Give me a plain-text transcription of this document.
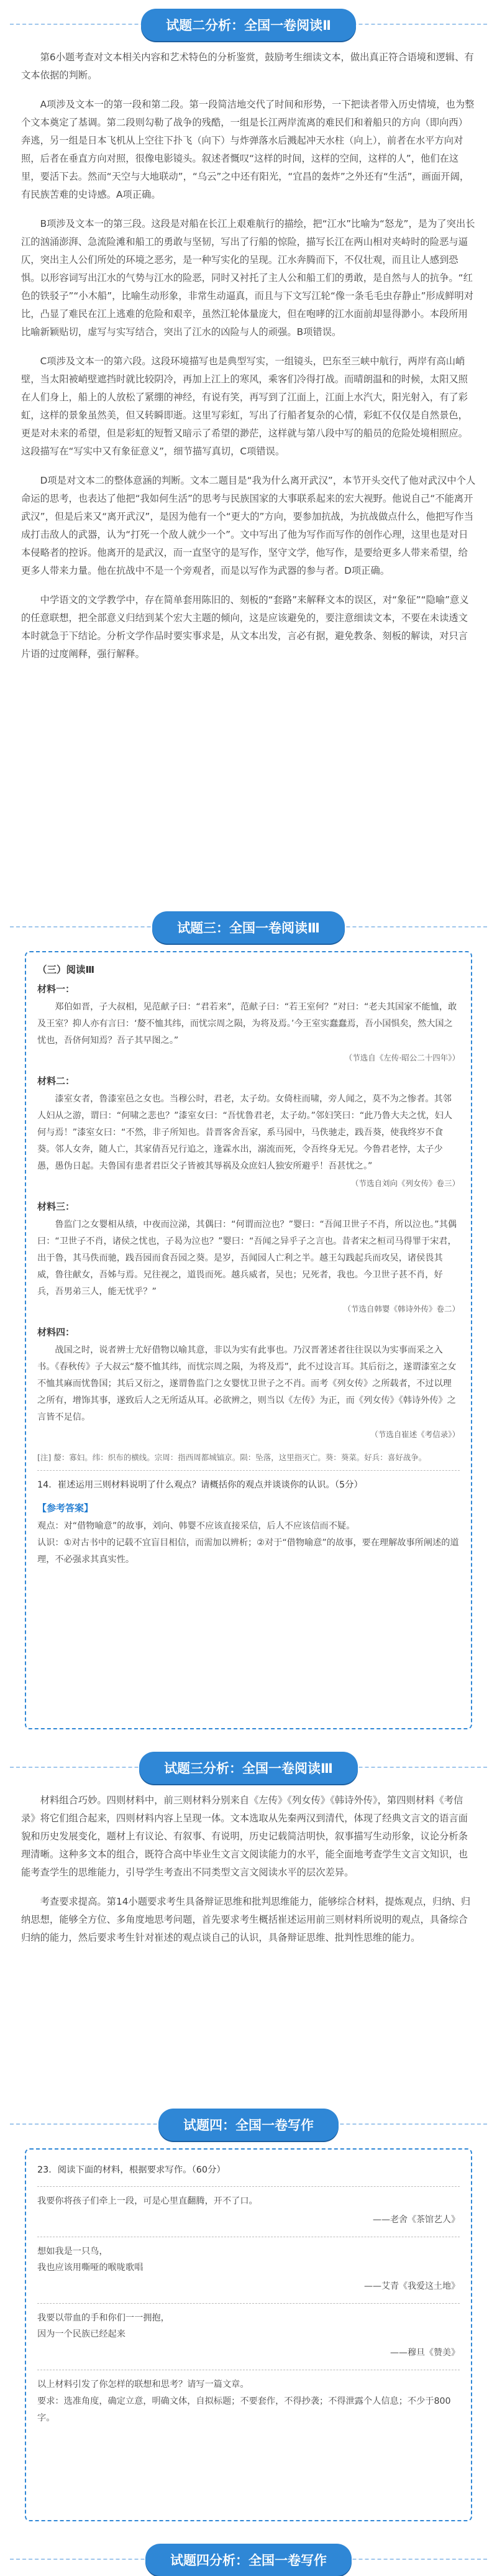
试题二分析：全国一卷阅读Ⅱ

第6小题考查对文本相关内容和艺术特色的分析鉴赏，鼓励考生细读文本，做出真正符合语境和逻辑、有文本依据的判断。

A项涉及文本一的第一段和第二段。第一段简洁地交代了时间和形势，一下把读者带入历史情境，也为整个文本奠定了基调。第二段则勾勒了战争的残酷，一组是长江两岸流离的难民们和着船只的方向（即向西）奔逃，另一组是日本飞机从上空往下扑飞（向下）与炸弹落水后溅起冲天水柱（向上），前者在水平方向对照，后者在垂直方向对照，很像电影镜头。叙述者慨叹“这样的时间，这样的空间，这样的人”，他们在这里，要活下去。然而“天空与大地联动”，“乌云”之中还有阳光，“宜昌的轰炸”之外还有“生活”，画面开阔，有民族苦难的史诗感。A项正确。

B项涉及文本一的第三段。这段是对船在长江上艰难航行的描绘，把“江水”比喻为“怒龙”，是为了突出长江的汹涌澎湃、急流险滩和船工的勇敢与坚韧，写出了行船的惊险，描写长江在两山相对夹峙时的险恶与逼仄，突出主人公们所处的环境之恶劣，是一种写实化的呈现。江水奔腾而下，不仅壮观，而且让人感到恐惧。以形容词写出江水的气势与江水的险恶，同时又衬托了主人公和船工们的勇敢，是自然与人的抗争。“红色的铁驳子”“小木船”，比喻生动形象，非常生动逼真，而且与下文写江轮“像一条毛毛虫存静止”形成鲜明对比，凸显了难民在江上逃难的危险和艰辛，虽然江轮体量庞大，但在咆哮的江水面前却显得渺小。本段所用比喻新颖贴切，虚写与实写结合，突出了江水的凶险与人的顽强。B项错误。

C项涉及文本一的第六段。这段环境描写也是典型写实，一组镜头，巴东至三峡中航行，两岸有高山峭壁，当太阳被峭壁遮挡时就比较阴冷，再加上江上的寒风，乘客们冷得打战。而晴朗温和的时候，太阳又照在人们身上，船上的人放松了紧绷的神经，有说有笑，再写到了江面上，江面上水汽大，阳光射入，有了彩虹，这样的景象虽然美，但又转瞬即逝。这里写彩虹，写出了行船者复杂的心情，彩虹不仅仅是自然景色，更是对未来的希望，但是彩虹的短暂又暗示了希望的渺茫，这样就与第八段中写的船员的危险处境相照应。这段描写在“写实中又有象征意义”，细节描写真切，C项错误。

D项是对文本二的整体意涵的判断。文本二题目是“我为什么离开武汉”，本节开头交代了他对武汉中个人命运的思考，也表达了他把“我如何生活”的思考与民族国家的大事联系起来的宏大视野。他说自己“不能离开武汉”，但是后来又“离开武汉”，是因为他有一个“更大的”方向，要参加抗战，为抗战做点什么，他把写作当成打击敌人的武器，认为“打死一个敌人就少一个”。文中写出了他为写作而写作的创作心理，这里也是对日本侵略者的控诉。他离开的是武汉，而一直坚守的是写作，坚守文学，他写作，是要给更多人带来希望，给更多人带来力量。他在抗战中不是一个旁观者，而是以写作为武器的参与者。D项正确。

中学语文的文学教学中，存在简单套用陈旧的、刻板的“套路”来解释文本的误区，对“象征”“隐喻”意义的任意联想，把全部意义归结到某个宏大主题的倾向，这是应该避免的，要注意细读文本，不要在未读透文本时就急于下结论。分析文学作品时要实事求是，从文本出发，言必有据，避免教条、刻板的解读，对只言片语的过度阐释，强行解释。

试题三：全国一卷阅读Ⅲ
（三）阅读Ⅲ
材料一：

郑伯如晋，子大叔相，见范献子曰：“君若来”，范献子曰：“若王室何？”对曰：“老夫其国家不能恤，敢及王室？抑人亦有言曰：‘嫠不恤其纬，而忧宗周之陨，为将及焉。’今王室实蠢蠢焉，吾小国惧矣，然大国之忧也，吾侪何知焉？吾子其早图之。”

（节选自《左传·昭公二十四年》）
材料二：

漆室女者，鲁漆室邑之女也。当穆公时，君老，太子幼。女倚柱而啸，旁人闻之，莫不为之惨者。其邻人妇从之游，谓曰：“何啸之悲也？”漆室女曰：“吾忧鲁君老，太子幼。”邻妇笑曰：“此乃鲁大夫之忧，妇人何与焉！”漆室女曰：“不然，非子所知也。昔晋客舍吾家，系马园中，马佚驰走，践吾葵，使我终岁不食葵。邻人女奔，随人亡，其家倩吾兄行追之，逢霖水出，溺流而死，令吾终身无兄。今鲁君老悖，太子少愚，愚伪日起。夫鲁国有患者君臣父子皆被其辱祸及众庶妇人独安所避乎！吾甚忧之。”

（节选自刘向《列女传》卷三）
材料三：

鲁监门之女婴相从绩，中夜而泣涕，其偶曰：“何谓而泣也？”婴曰：“吾闻卫世子不肖，所以泣也。”其偶曰：“卫世子不肖，诸侯之忧也，子曷为泣也？”婴曰：“吾闻之异乎子之言也。昔者宋之桓司马得罪于宋君，出于鲁，其马佚而驰，践吾园而食吾园之葵。是岁，吾闻园人亡利之半。越王勾践起兵而攻吴，诸侯畏其威，鲁往献女，吾姊与焉。兄往视之，道畏而死。越兵威者，吴也；兄死者，我也。今卫世子甚不肖，好兵，吾男弟三人，能无忧乎？”

（节选自韩婴《韩诗外传》卷二）
材料四：

战国之时，说者辨士尤好借物以喻其意，非以为实有此事也。乃汉晋著述者往往误以为实事而采之入书。《春秋传》子大叔云“嫠不恤其纬，而忧宗周之陨，为将及焉”，此不过设言耳。其后衍之，遂谓漆室之女不恤其麻而忧鲁国；其后又衍之，遂谓鲁监门之女婴忧卫世子之不肖。而考《列女传》之所载者，不过以理之所有，增饰其事，遂致后人之无所适从耳。必欲辨之，则当以《左传》为正，而《列女传》《韩诗外传》之言皆不足信。

（节选自崔述《考信录》）
[注] 嫠：寡妇。纬：织布的横线。宗周：指西周都城镐京。陨：坠落，这里指灭亡。葵：葵菜。好兵：喜好战争。
14．崔述运用三则材料说明了什么观点？请概括你的观点并谈谈你的认识。（5分）
【参考答案】

观点：对“借物喻意”的故事，刘向、韩婴不应该直接采信，后人不应该信而不疑。

认识：①对古书中的记载不宜盲目相信，而需加以辨析；②对于“借物喻意”的故事，要在理解故事所阐述的道理，不必强求其真实性。

试题三分析：全国一卷阅读Ⅲ

材料组合巧妙。四则材料中，前三则材料分别来自《左传》《列女传》《韩诗外传》，第四则材料《考信录》将它们组合起来，四则材料内容上呈现一体。文本选取从先秦两汉到清代，体现了经典文言文的语言面貌和历史发展变化，题材上有议论、有叙事、有说明，历史记载简洁明快，叙事描写生动形象，议论分析条理清晰。这种多文本的组合，既符合高中毕业生文言文阅读能力的水平，能全面地考查学生文言文知识，也能考查学生的思维能力，引导学生考查出不同类型文言文阅读水平的层次差异。

考查要求提高。第14小题要求考生具备辩证思维和批判思维能力，能够综合材料，提炼观点，归纳、归纳思想，能够全方位、多角度地思考问题，首先要求考生概括崔述运用前三则材料所说明的观点，具备综合归纳的能力，然后要求考生针对崔述的观点谈自己的认识，具备辩证思维、批判性思维的能力。

试题四：全国一卷写作
23．阅读下面的材料，根据要求写作。（60分）

我要你将孩子们牵上一段，可是心里直翻腾，开不了口。

——老舍《茶馆艺人》

想如我是一只鸟，

我也应该用嘶哑的喉咙歌唱

——艾青《我爱这土地》

我要以带血的手和你们一一拥抱，

因为一个民族已经起来

——穆旦《赞美》

以上材料引发了你怎样的联想和思考？请写一篇文章。

要求：选准角度，确定立意，明确文体，自拟标题；不要套作，不得抄袭；不得泄露个人信息；不少于800字。

试题四分析：全国一卷写作
